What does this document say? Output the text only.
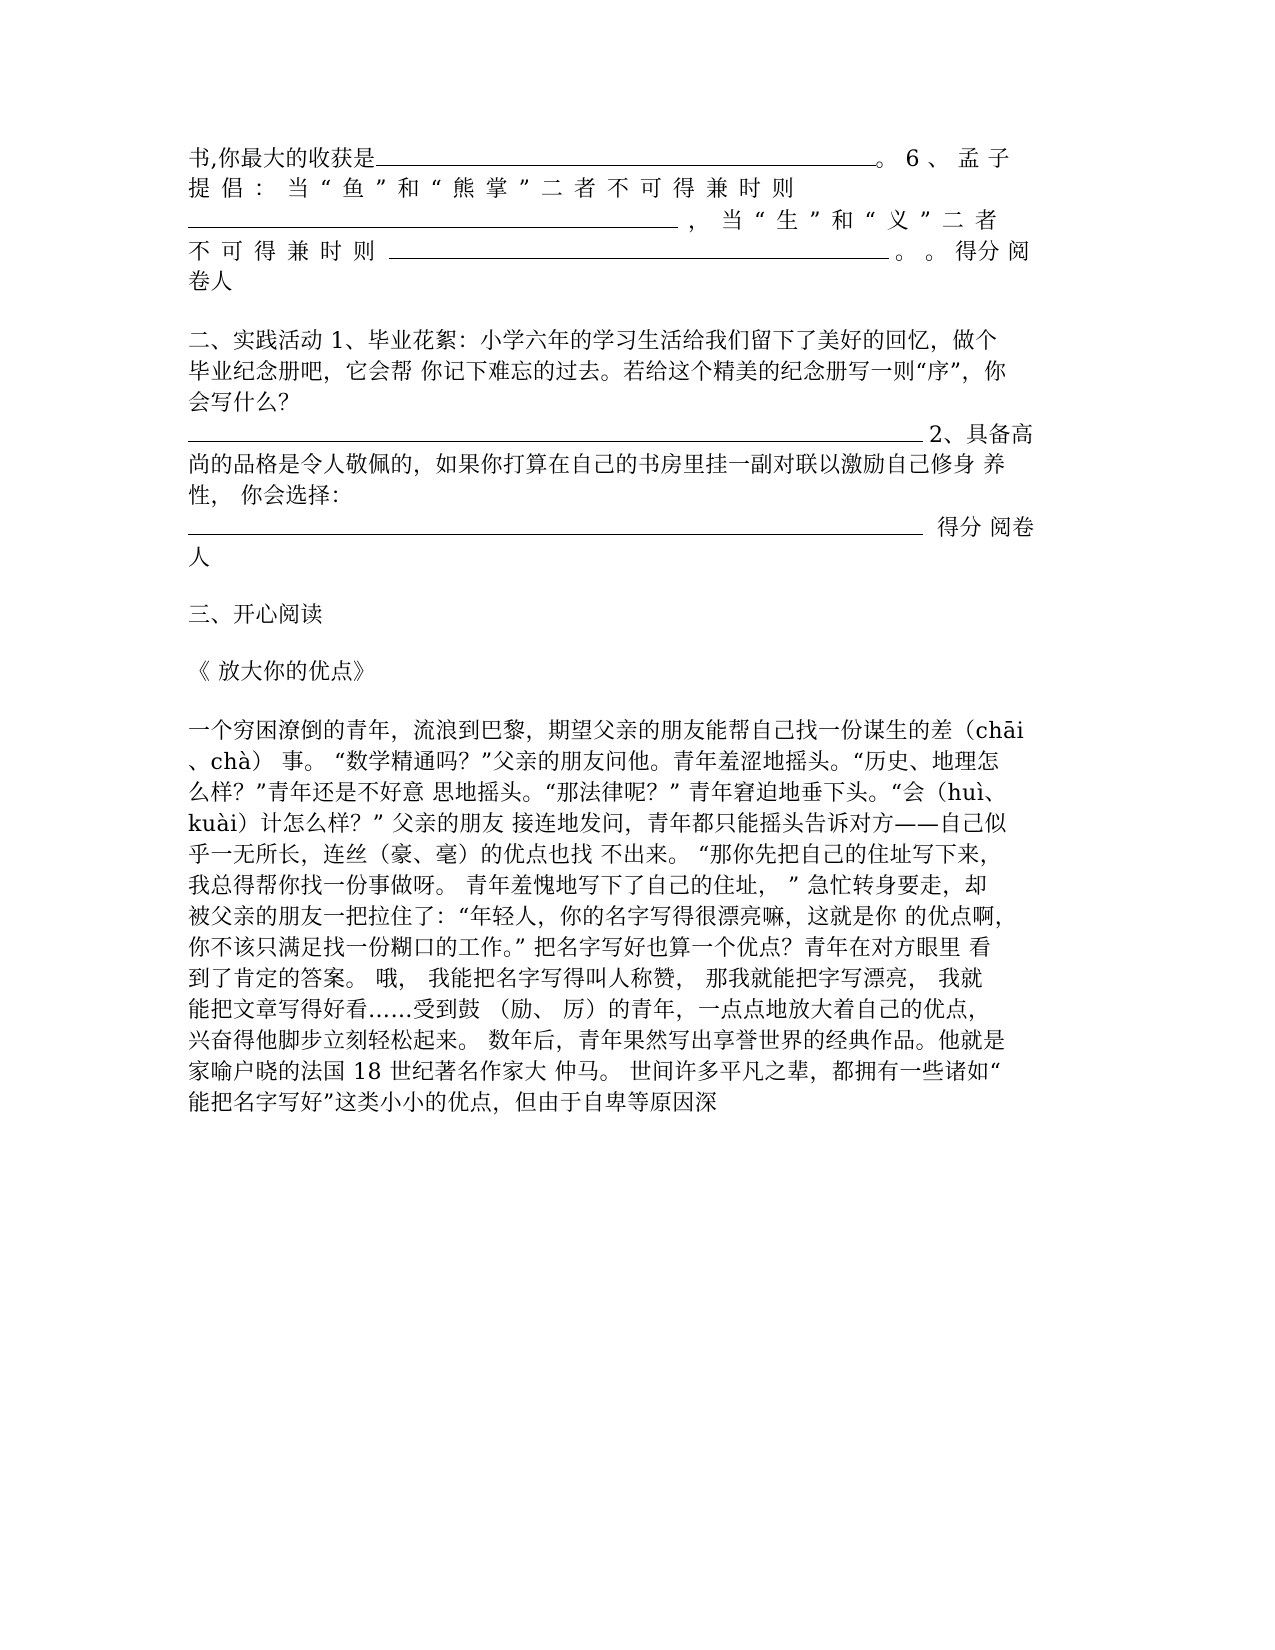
书,你最大的收获是	。 6 、 孟 子
提 倡 ： 当 “ 鱼 ” 和 “ 熊 掌 ” 二 者 不 可 得 兼 时 则
， 当 “ 生 ” 和 “ 义 ” 二 者
不 可 得 兼 时 则	。 。 得分 阅
卷人
二、实践活动 1、毕业花絮：小学六年的学习生活给我们留下了美好的回忆，做个
毕业纪念册吧，它会帮 你记下难忘的过去。若给这个精美的纪念册写一则“序”，你
会写什么？
2、具备高
尚的品格是令人敬佩的，如果你打算在自己的书房里挂一副对联以激励自己修身 养
性， 你会选择：
得分 阅卷
人
三、开心阅读
《 放大你的优点》
一个穷困潦倒的青年，流浪到巴黎，期望父亲的朋友能帮自己找一份谋生的差（chāi
、chà） 事。 “数学精通吗？”父亲的朋友问他。青年羞涩地摇头。“历史、地理怎
么样？”青年还是不好意 思地摇头。“那法律呢？” 青年窘迫地垂下头。“会（huì、
kuài）计怎么样？” 父亲的朋友 接连地发问，青年都只能摇头告诉对方——自己似
乎一无所长，连丝（豪、毫）的优点也找 不出来。 “那你先把自己的住址写下来，
我总得帮你找一份事做呀。 青年羞愧地写下了自己的住址， ” 急忙转身要走，却
被父亲的朋友一把拉住了：“年轻人，你的名字写得很漂亮嘛，这就是你 的优点啊，
你不该只满足找一份糊口的工作。” 把名字写好也算一个优点？青年在对方眼里 看
到了肯定的答案。 哦， 我能把名字写得叫人称赞， 那我就能把字写漂亮， 我就
能把文章写得好看……受到鼓 （励、 厉）的青年，一点点地放大着自己的优点，
兴奋得他脚步立刻轻松起来。 数年后，青年果然写出享誉世界的经典作品。他就是
家喻户晓的法国 18 世纪著名作家大 仲马。 世间许多平凡之辈，都拥有一些诸如“
能把名字写好”这类小小的优点，但由于自卑等原因深
